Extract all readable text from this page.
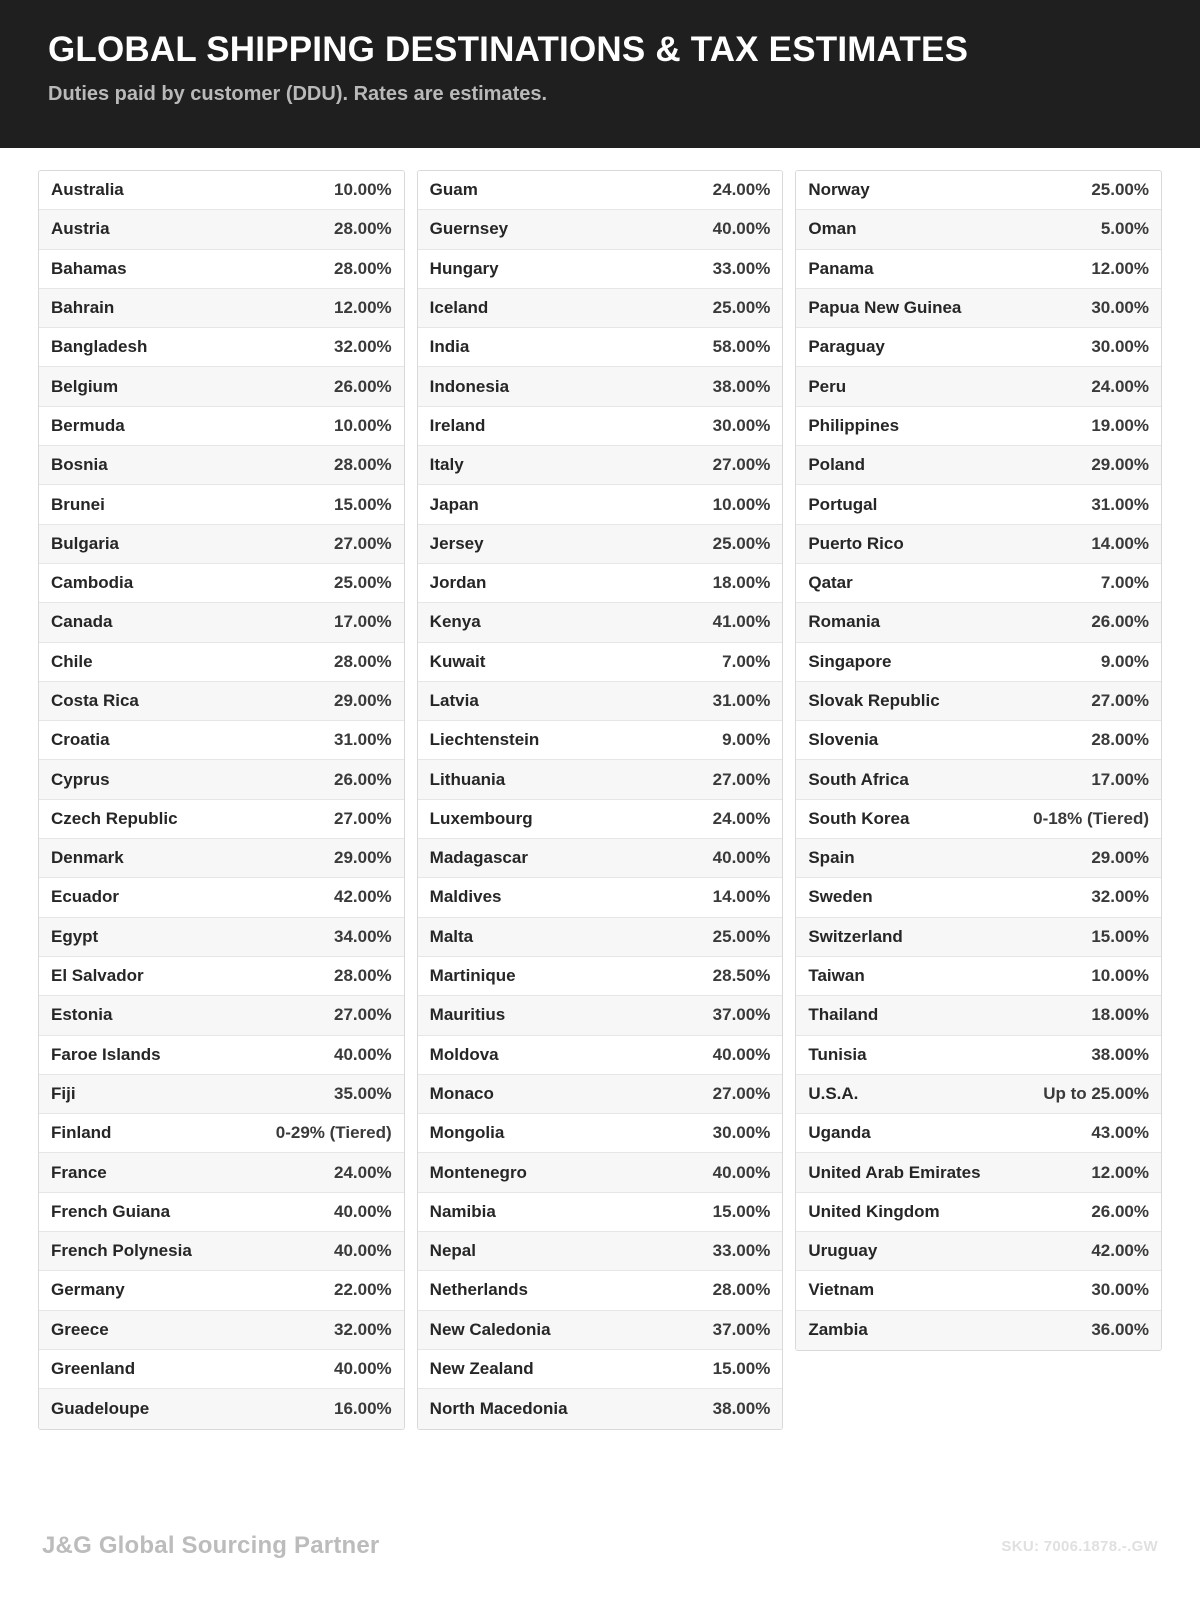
GLOBAL SHIPPING DESTINATIONS & TAX ESTIMATES

Duties paid by customer (DDU). Rates are estimates.

Australia	10.00%
Austria	28.00%
Bahamas	28.00%
Bahrain	12.00%
Bangladesh	32.00%
Belgium	26.00%
Bermuda	10.00%
Bosnia	28.00%
Brunei	15.00%
Bulgaria	27.00%
Cambodia	25.00%
Canada	17.00%
Chile	28.00%
Costa Rica	29.00%
Croatia	31.00%
Cyprus	26.00%
Czech Republic	27.00%
Denmark	29.00%
Ecuador	42.00%
Egypt	34.00%
El Salvador	28.00%
Estonia	27.00%
Faroe Islands	40.00%
Fiji	35.00%
Finland	0-29% (Tiered)
France	24.00%
French Guiana	40.00%
French Polynesia	40.00%
Germany	22.00%
Greece	32.00%
Greenland	40.00%
Guadeloupe	16.00%
Guam	24.00%
Guernsey	40.00%
Hungary	33.00%
Iceland	25.00%
India	58.00%
Indonesia	38.00%
Ireland	30.00%
Italy	27.00%
Japan	10.00%
Jersey	25.00%
Jordan	18.00%
Kenya	41.00%
Kuwait	7.00%
Latvia	31.00%
Liechtenstein	9.00%
Lithuania	27.00%
Luxembourg	24.00%
Madagascar	40.00%
Maldives	14.00%
Malta	25.00%
Martinique	28.50%
Mauritius	37.00%
Moldova	40.00%
Monaco	27.00%
Mongolia	30.00%
Montenegro	40.00%
Namibia	15.00%
Nepal	33.00%
Netherlands	28.00%
New Caledonia	37.00%
New Zealand	15.00%
North Macedonia	38.00%
Norway	25.00%
Oman	5.00%
Panama	12.00%
Papua New Guinea	30.00%
Paraguay	30.00%
Peru	24.00%
Philippines	19.00%
Poland	29.00%
Portugal	31.00%
Puerto Rico	14.00%
Qatar	7.00%
Romania	26.00%
Singapore	9.00%
Slovak Republic	27.00%
Slovenia	28.00%
South Africa	17.00%
South Korea	0-18% (Tiered)
Spain	29.00%
Sweden	32.00%
Switzerland	15.00%
Taiwan	10.00%
Thailand	18.00%
Tunisia	38.00%
U.S.A.	Up to 25.00%
Uganda	43.00%
United Arab Emirates	12.00%
United Kingdom	26.00%
Uruguay	42.00%
Vietnam	30.00%
Zambia	36.00%
J&G Global Sourcing Partner	SKU: 7006.1878.-.GW
